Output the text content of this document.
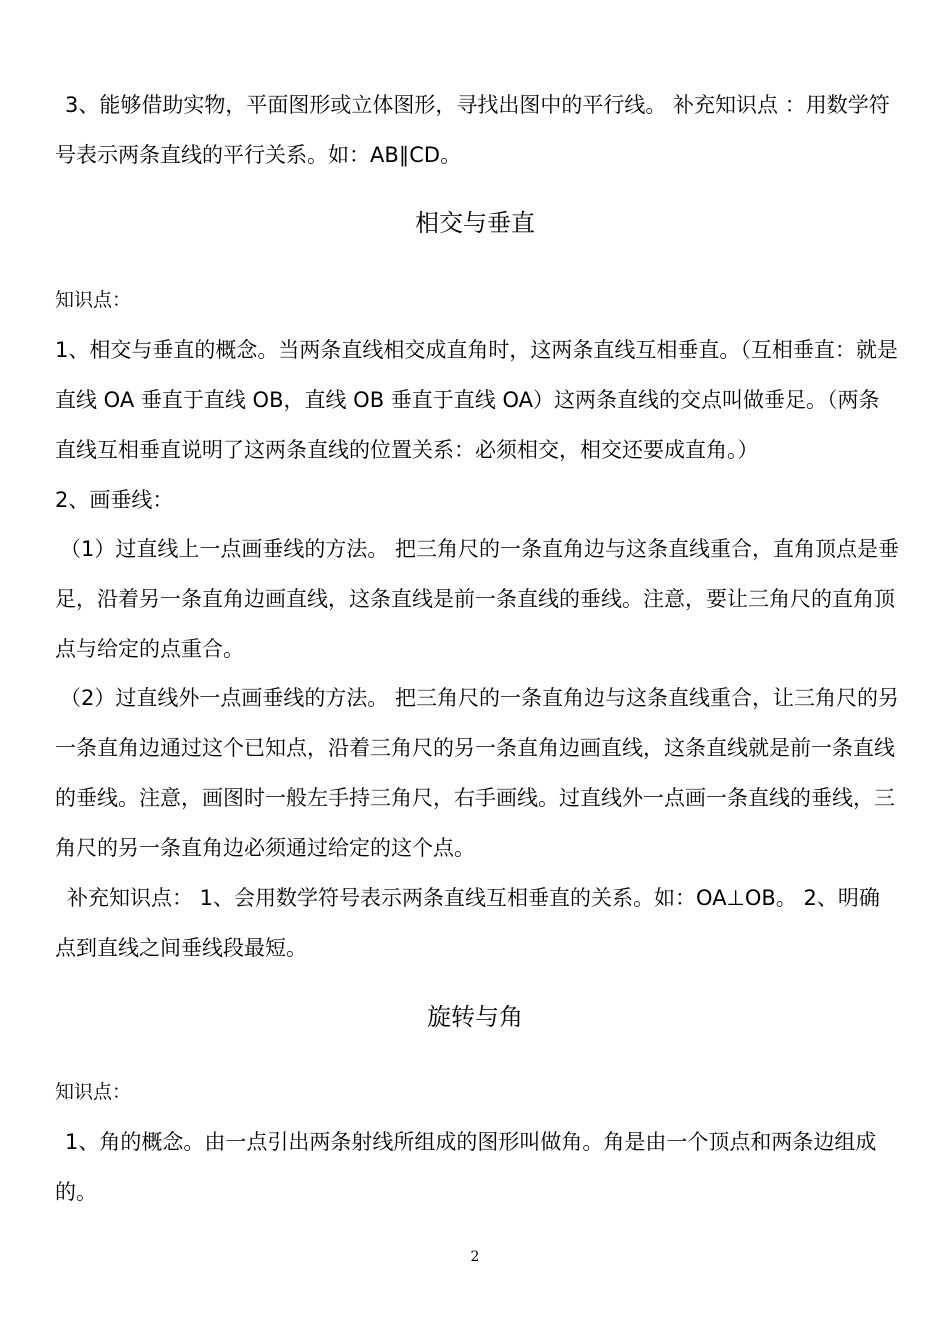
3、能够借助实物，平面图形或立体图形，寻找出图中的平行线。 补充知识点 ：用数学符号表示两条直线的平行关系。如：AB∥CD。

相交与垂直

知识点：

1、相交与垂直的概念。当两条直线相交成直角时，这两条直线互相垂直。（互相垂直：就是直线 OA 垂直于直线 OB，直线 OB 垂直于直线 OA）这两条直线的交点叫做垂足。（两条直线互相垂直说明了这两条直线的位置关系：必须相交，相交还要成直角。）

2、画垂线：

（1）过直线上一点画垂线的方法。 把三角尺的一条直角边与这条直线重合，直角顶点是垂足，沿着另一条直角边画直线，这条直线是前一条直线的垂线。注意，要让三角尺的直角顶点与给定的点重合。

（2）过直线外一点画垂线的方法。 把三角尺的一条直角边与这条直线重合，让三角尺的另一条直角边通过这个已知点，沿着三角尺的另一条直角边画直线，这条直线就是前一条直线的垂线。注意，画图时一般左手持三角尺，右手画线。过直线外一点画一条直线的垂线，三角尺的另一条直角边必须通过给定的这个点。

补充知识点： 1、会用数学符号表示两条直线互相垂直的关系。如：OA⊥OB。 2、明确点到直线之间垂线段最短。

旋转与角

知识点：

1、角的概念。由一点引出两条射线所组成的图形叫做角。角是由一个顶点和两条边组成的。

2
